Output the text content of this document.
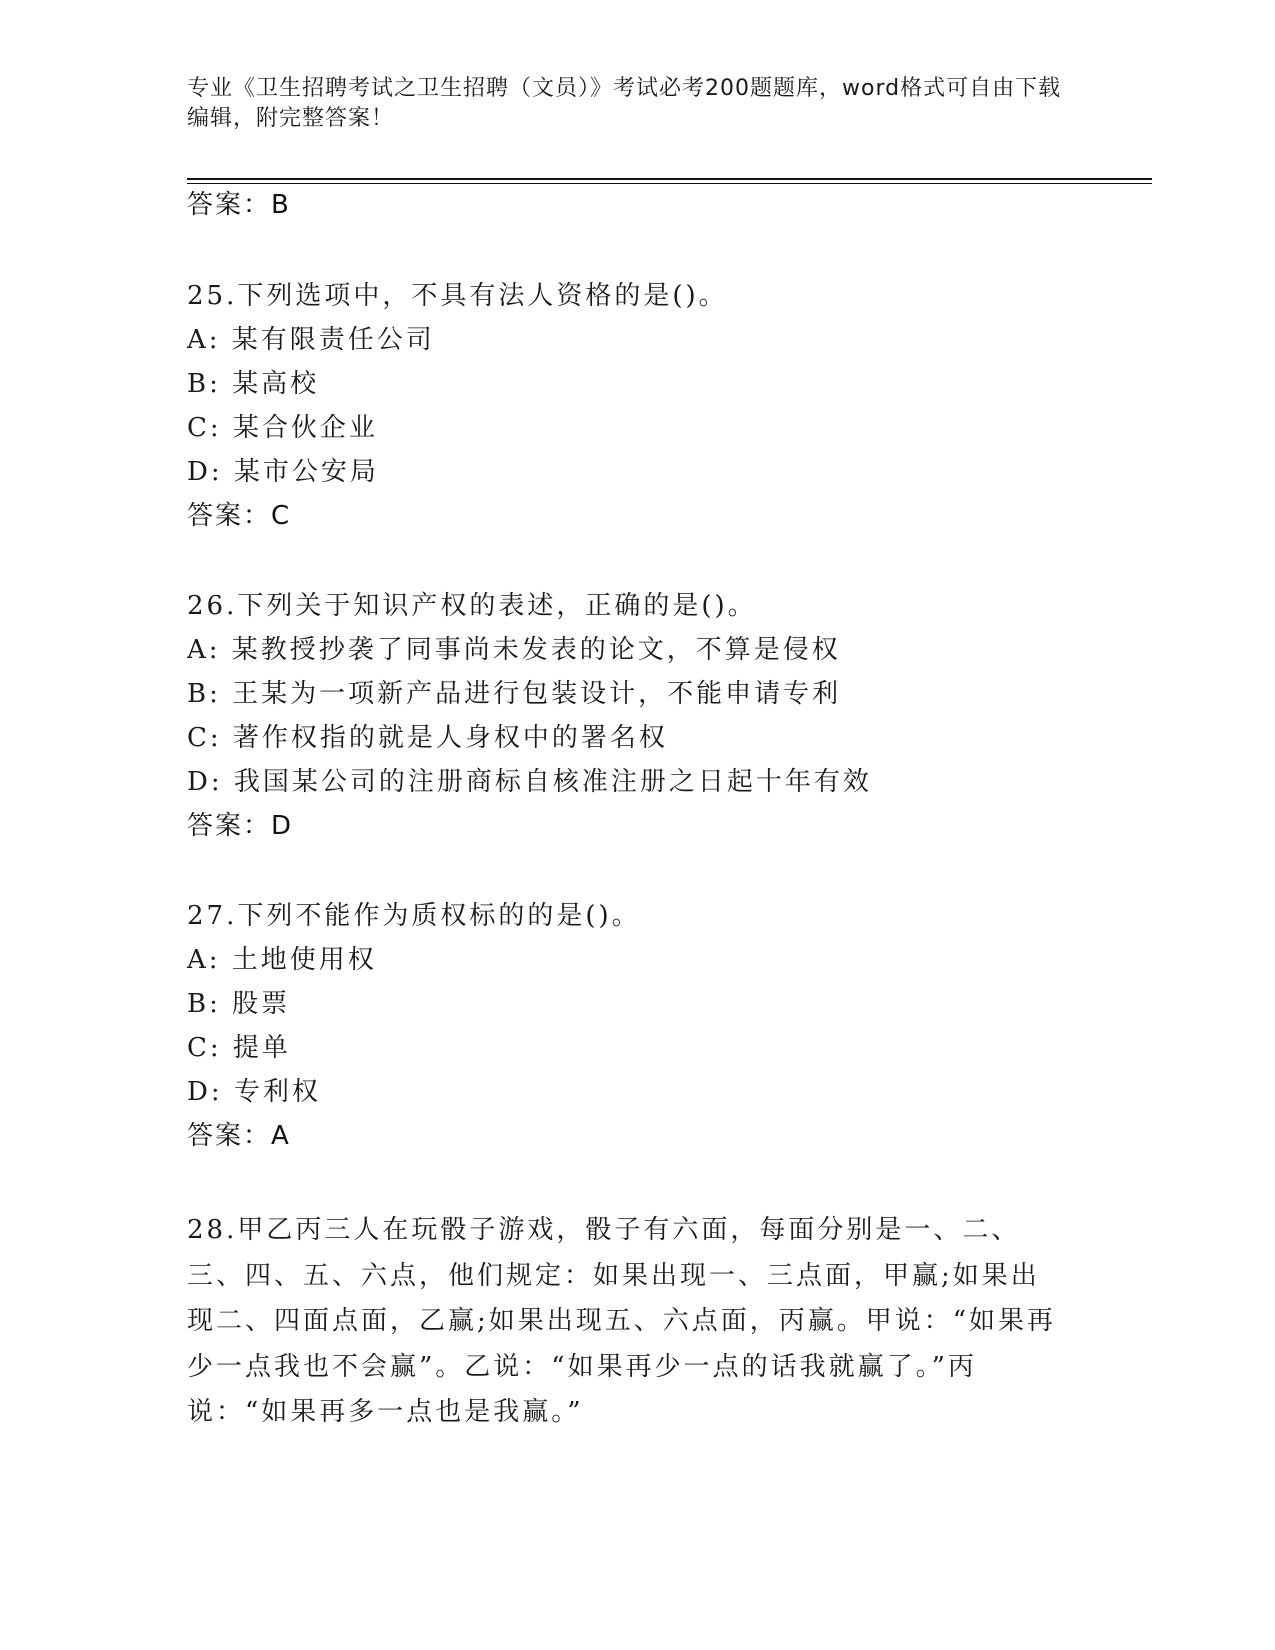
专业《卫生招聘考试之卫生招聘（文员）》考试必考200题题库，word格式可自由下载编辑，附完整答案！
答案：B
25.下列选项中，不具有法人资格的是()。
A: 某有限责任公司
B: 某高校
C: 某合伙企业
D: 某市公安局
答案：C
26.下列关于知识产权的表述，正确的是()。
A: 某教授抄袭了同事尚未发表的论文，不算是侵权
B: 王某为一项新产品进行包装设计，不能申请专利
C: 著作权指的就是人身权中的署名权
D: 我国某公司的注册商标自核准注册之日起十年有效
答案：D
27.下列不能作为质权标的的是()。
A: 土地使用权
B: 股票
C: 提单
D: 专利权
答案：A
28.甲乙丙三人在玩骰子游戏，骰子有六面，每面分别是一、二、三、四、五、六点，他们规定：如果出现一、三点面，甲赢;如果出现二、四面点面，乙赢;如果出现五、六点面，丙赢。甲说：“如果再少一点我也不会赢”。乙说：“如果再少一点的话我就赢了。”丙说：“如果再多一点也是我赢。”
